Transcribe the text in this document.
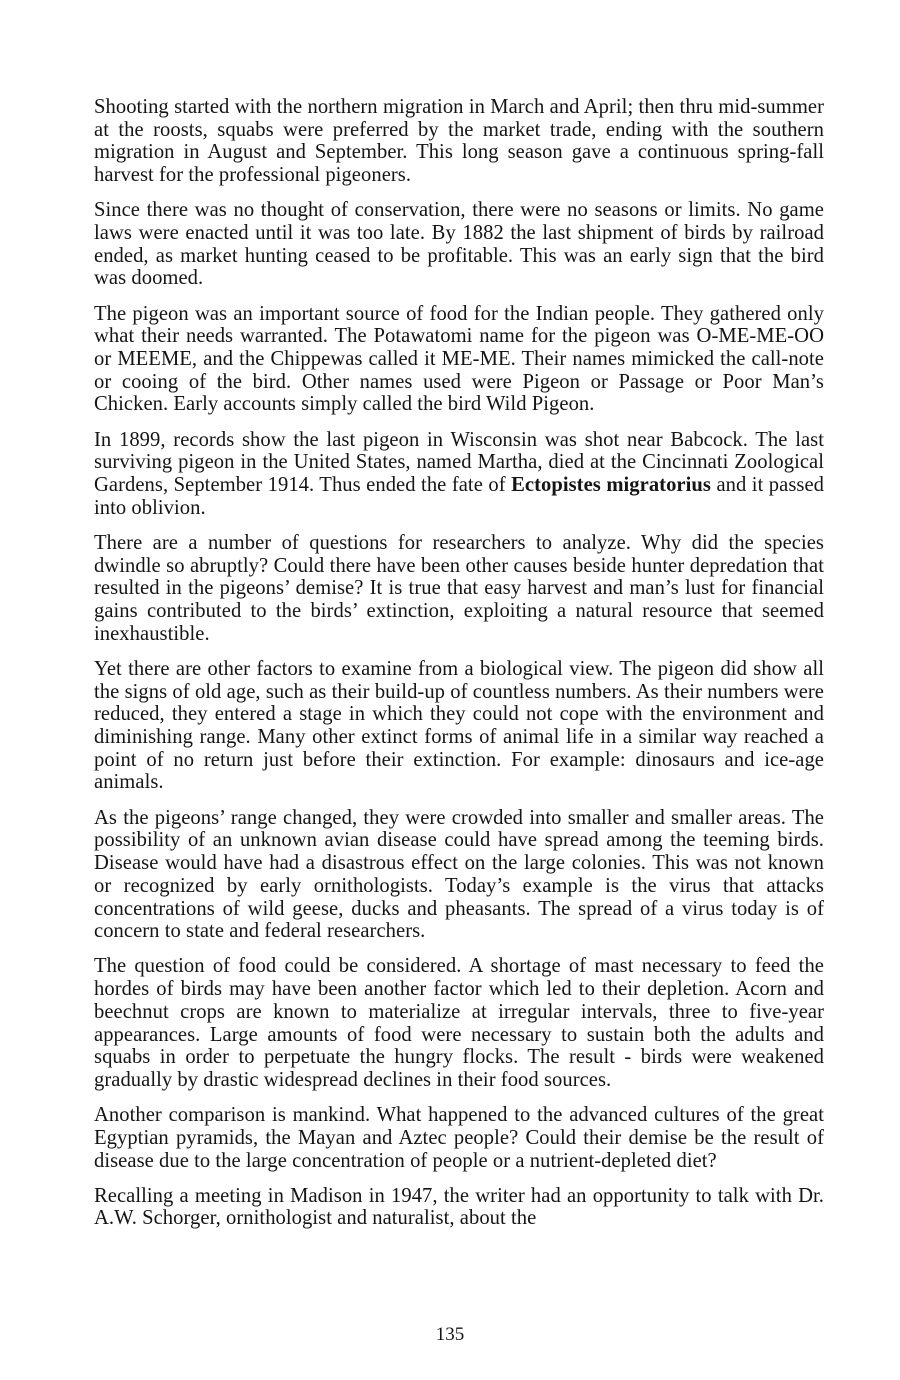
Shooting started with the northern migration in March and April; then thru mid-summer at the roosts, squabs were preferred by the market trade, ending with the southern migration in August and September. This long season gave a continuous spring-fall harvest for the professional pigeoners.

Since there was no thought of conservation, there were no seasons or limits. No game laws were enacted until it was too late. By 1882 the last shipment of birds by railroad ended, as market hunting ceased to be profitable. This was an early sign that the bird was doomed.

The pigeon was an important source of food for the Indian people. They gathered only what their needs warranted. The Potawatomi name for the pigeon was O-ME-ME-OO or MEEME, and the Chippewas called it ME-ME. Their names mimicked the call-note or cooing of the bird. Other names used were Pigeon or Passage or Poor Man’s Chicken. Early accounts simply called the bird Wild Pigeon.

In 1899, records show the last pigeon in Wisconsin was shot near Babcock. The last surviving pigeon in the United States, named Martha, died at the Cincinnati Zoological Gardens, September 1914. Thus ended the fate of Ectopistes migratorius and it passed into oblivion.

There are a number of questions for researchers to analyze. Why did the species dwindle so abruptly? Could there have been other causes beside hunter depredation that resulted in the pigeons’ demise? It is true that easy harvest and man’s lust for financial gains contributed to the birds’ extinction, exploiting a natural resource that seemed inexhaustible.

Yet there are other factors to examine from a biological view. The pigeon did show all the signs of old age, such as their build-up of countless numbers. As their numbers were reduced, they entered a stage in which they could not cope with the environment and diminishing range. Many other extinct forms of animal life in a similar way reached a point of no return just before their extinction. For example: dinosaurs and ice-age animals.

As the pigeons’ range changed, they were crowded into smaller and smaller areas. The possibility of an unknown avian disease could have spread among the teeming birds. Disease would have had a disastrous effect on the large colonies. This was not known or recognized by early ornithologists. Today’s example is the virus that attacks concentrations of wild geese, ducks and pheasants. The spread of a virus today is of concern to state and federal researchers.

The question of food could be considered. A shortage of mast necessary to feed the hordes of birds may have been another factor which led to their depletion. Acorn and beechnut crops are known to materialize at irregular intervals, three to five-year appearances. Large amounts of food were necessary to sustain both the adults and squabs in order to perpetuate the hungry flocks. The result - birds were weakened gradually by drastic widespread declines in their food sources.

Another comparison is mankind. What happened to the advanced cultures of the great Egyptian pyramids, the Mayan and Aztec people? Could their demise be the result of disease due to the large concentration of people or a nutrient-depleted diet?

Recalling a meeting in Madison in 1947, the writer had an opportunity to talk with Dr. A.W. Schorger, ornithologist and naturalist, about the

135
